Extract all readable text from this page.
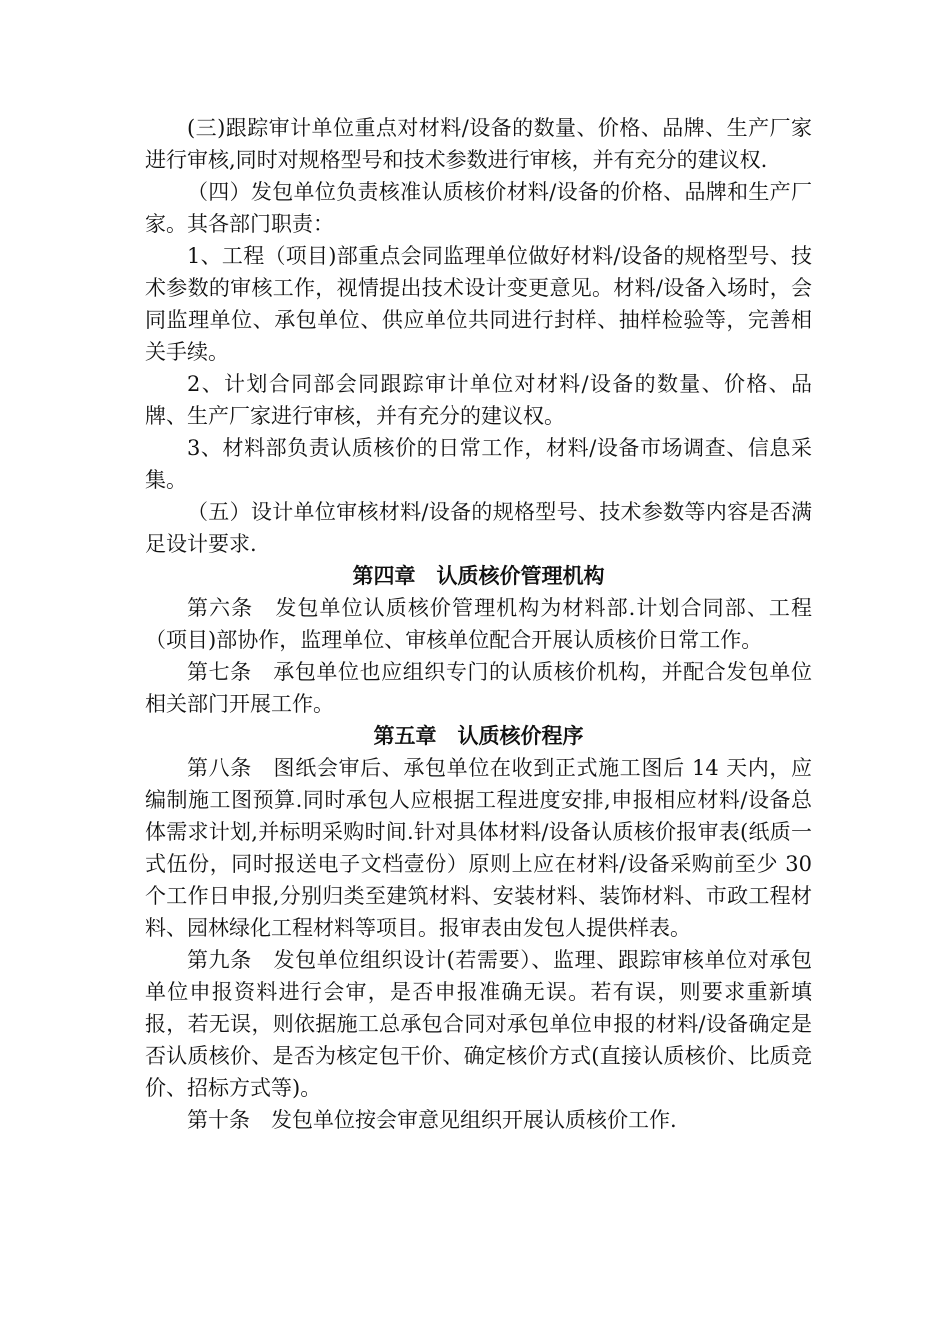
(三)跟踪审计单位重点对材料/设备的数量、价格、品牌、生产厂家进行审核,同时对规格型号和技术参数进行审核，并有充分的建议权.

（四）发包单位负责核准认质核价材料/设备的价格、品牌和生产厂家。其各部门职责：

1、工程（项目)部重点会同监理单位做好材料/设备的规格型号、技术参数的审核工作，视情提出技术设计变更意见。材料/设备入场时，会同监理单位、承包单位、供应单位共同进行封样、抽样检验等，完善相关手续。

2、计划合同部会同跟踪审计单位对材料/设备的数量、价格、品牌、生产厂家进行审核，并有充分的建议权。

3、材料部负责认质核价的日常工作，材料/设备市场调查、信息采集。

（五）设计单位审核材料/设备的规格型号、技术参数等内容是否满足设计要求.

第四章　认质核价管理机构

第六条　发包单位认质核价管理机构为材料部.计划合同部、工程（项目)部协作，监理单位、审核单位配合开展认质核价日常工作。

第七条　承包单位也应组织专门的认质核价机构，并配合发包单位相关部门开展工作。

第五章　认质核价程序

第八条　图纸会审后、承包单位在收到正式施工图后 14 天内，应编制施工图预算.同时承包人应根据工程进度安排,申报相应材料/设备总体需求计划,并标明采购时间.针对具体材料/设备认质核价报审表(纸质一式伍份，同时报送电子文档壹份）原则上应在材料/设备采购前至少 30 个工作日申报,分别归类至建筑材料、安装材料、装饰材料、市政工程材料、园林绿化工程材料等项目。报审表由发包人提供样表。

第九条　发包单位组织设计(若需要）、监理、跟踪审核单位对承包单位申报资料进行会审，是否申报准确无误。若有误，则要求重新填报，若无误，则依据施工总承包合同对承包单位申报的材料/设备确定是否认质核价、是否为核定包干价、确定核价方式(直接认质核价、比质竞价、招标方式等)。

第十条　发包单位按会审意见组织开展认质核价工作.
